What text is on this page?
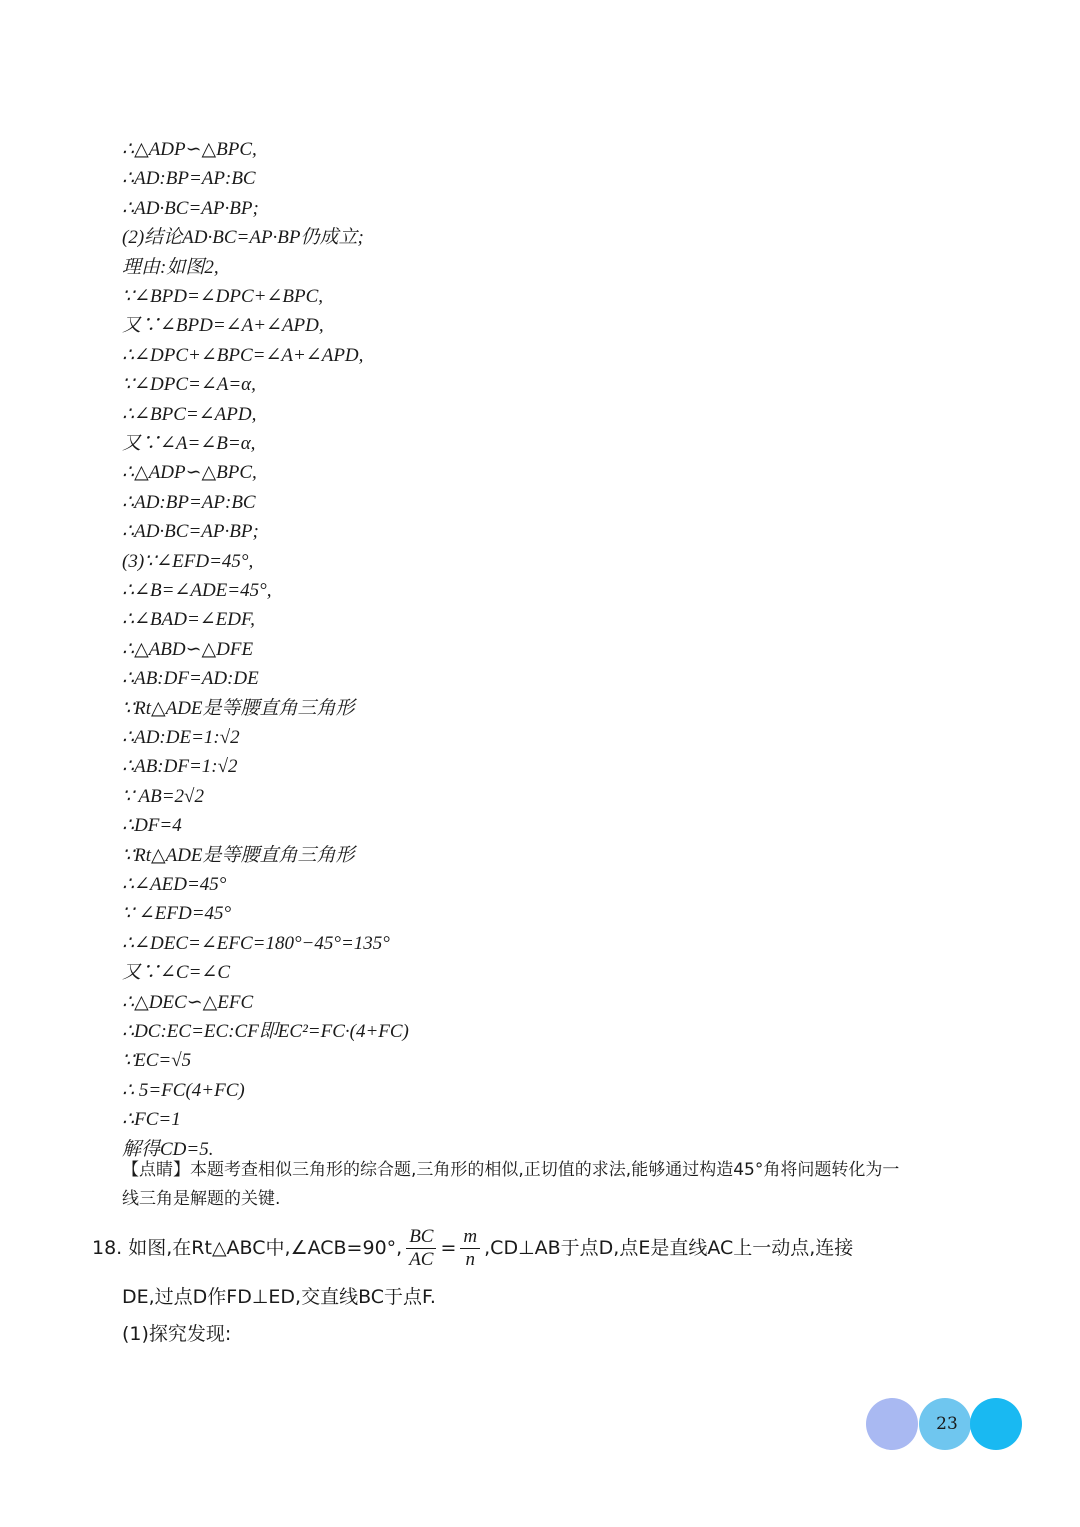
∴△ADP∽△BPC,
∴AD:BP=AP:BC
∴AD·BC=AP·BP;
(2)结论AD·BC=AP·BP仍成立;
理由:如图2,
∵∠BPD=∠DPC+∠BPC,
又∵∠BPD=∠A+∠APD,
∴∠DPC+∠BPC=∠A+∠APD,
∵∠DPC=∠A=α,
∴∠BPC=∠APD,
又∵∠A=∠B=α,
∴△ADP∽△BPC,
∴AD:BP=AP:BC
∴AD·BC=AP·BP;
(3)∵∠EFD=45°,
∴∠B=∠ADE=45°,
∴∠BAD=∠EDF,
∴△ABD∽△DFE
∴AB:DF=AD:DE
∵Rt△ADE是等腰直角三角形
∴AD:DE=1:√2
∴AB:DF=1:√2
∵ AB=2√2
∴DF=4
∵Rt△ADE是等腰直角三角形
∴∠AED=45°
∵ ∠EFD=45°
∴∠DEC=∠EFC=180°−45°=135°
又∵∠C=∠C
∴△DEC∽△EFC
∴DC:EC=EC:CF即EC²=FC·(4+FC)
∵EC=√5
∴ 5=FC(4+FC)
∴FC=1
解得CD=5.
【点睛】本题考查相似三角形的综合题,三角形的相似,正切值的求法,能够通过构造45°角将问题转化为一
线三角是解题的关键.
18. 如图,在Rt△ABC中,∠ACB=90°, $\frac{BC}{AC} = \frac{m}{n}$ ,CD⊥AB于点D,点E是直线AC上一动点,连接
DE,过点D作FD⊥ED,交直线BC于点F.
(1)探究发现:
23
